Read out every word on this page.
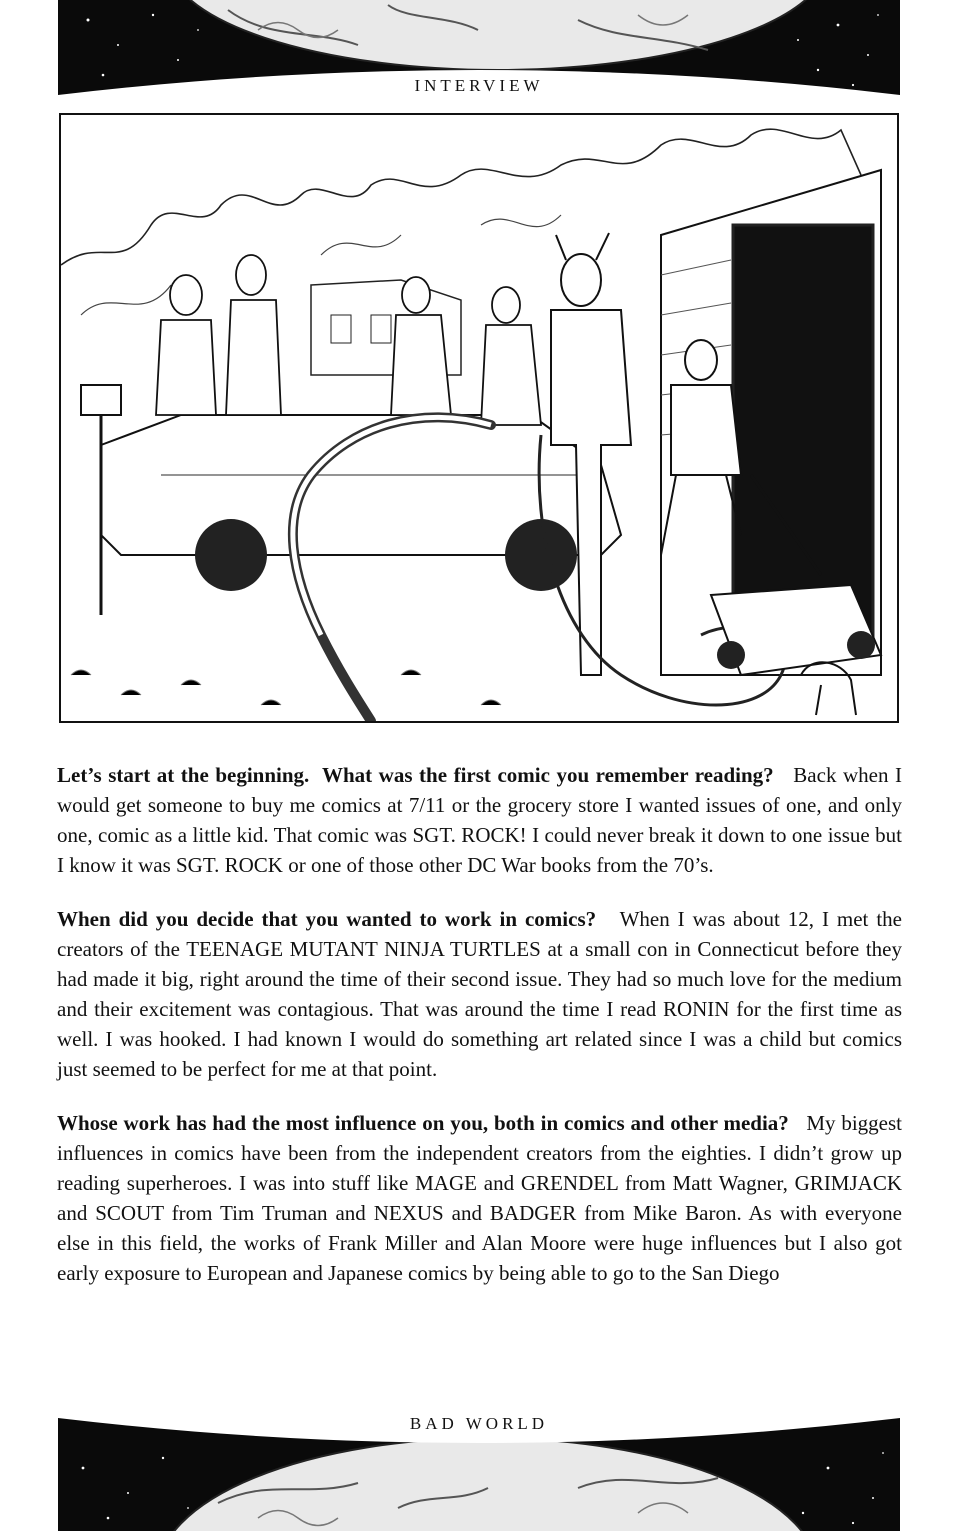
INTERVIEW

Let’s start at the beginning.  What was the first comic you remember reading?   Back when I would get someone to buy me comics at 7/11 or the grocery store I wanted issues of one, and only one, comic as a little kid. That comic was SGT. ROCK! I could never break it down to one issue but I know it was SGT. ROCK or one of those other DC War books from the 70’s.

When did you decide that you wanted to work in comics?   When I was about 12, I met the creators of the TEENAGE MUTANT NINJA TURTLES at a small con in Connecticut before they had made it big, right around the time of their second issue. They had so much love for the medium and their excitement was contagious. That was around the time I read RONIN for the first time as well. I was hooked. I had known I would do something art related since I was a child but comics just seemed to be perfect for me at that point.

Whose work has had the most influence on you, both in comics and other media?   My biggest influences in comics have been from the independent creators from the eighties. I didn’t grow up reading superheroes. I was into stuff like MAGE and GRENDEL from Matt Wagner, GRIMJACK and SCOUT from Tim Truman and NEXUS and BADGER from Mike Baron. As with everyone else in this field, the works of Frank Miller and Alan Moore were huge influences but I also got early exposure to European and Japanese comics by being able to go to the San Diego

BAD WORLD
